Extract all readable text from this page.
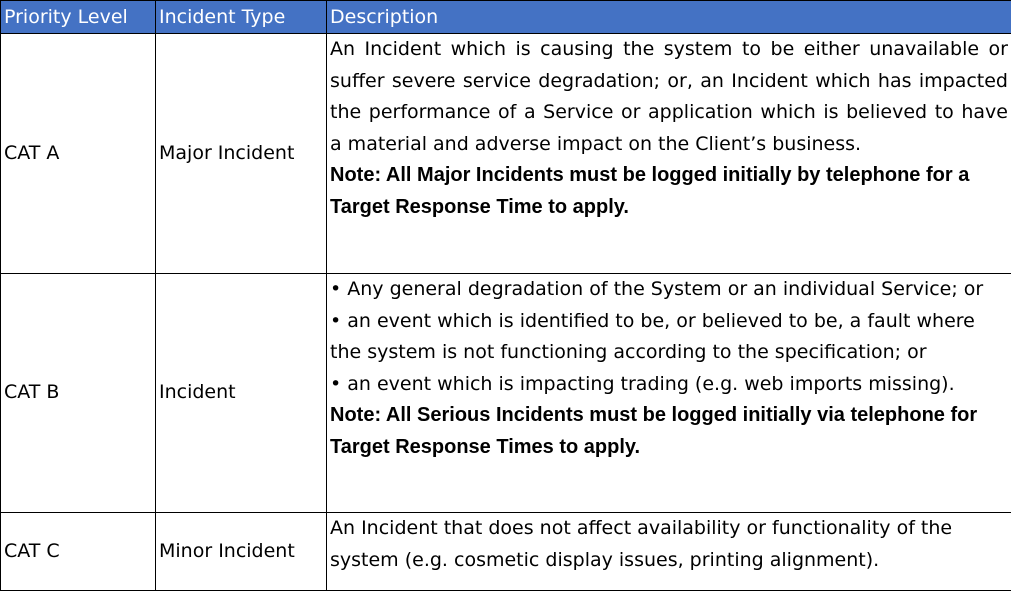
Priority Level	Incident Type	Description
CAT A	Major Incident	An Incident which is causing the system to be either unavailable or suffer severe service degradation; or, an Incident which has impacted the performance of a Service or application which is believed to have a material and adverse impact on the Client’s business.
Note: All Major Incidents must be logged initially by telephone for a Target Response Time to apply.

CAT B	Incident	• Any general degradation of the System or an individual Service; or
• an event which is identified to be, or believed to be, a fault where the system is not functioning according to the specification; or
• an event which is impacting trading (e.g. web imports missing).
Note: All Serious Incidents must be logged initially via telephone for Target Response Times to apply.

CAT C	Minor Incident	An Incident that does not affect availability or functionality of the system (e.g. cosmetic display issues, printing alignment).
